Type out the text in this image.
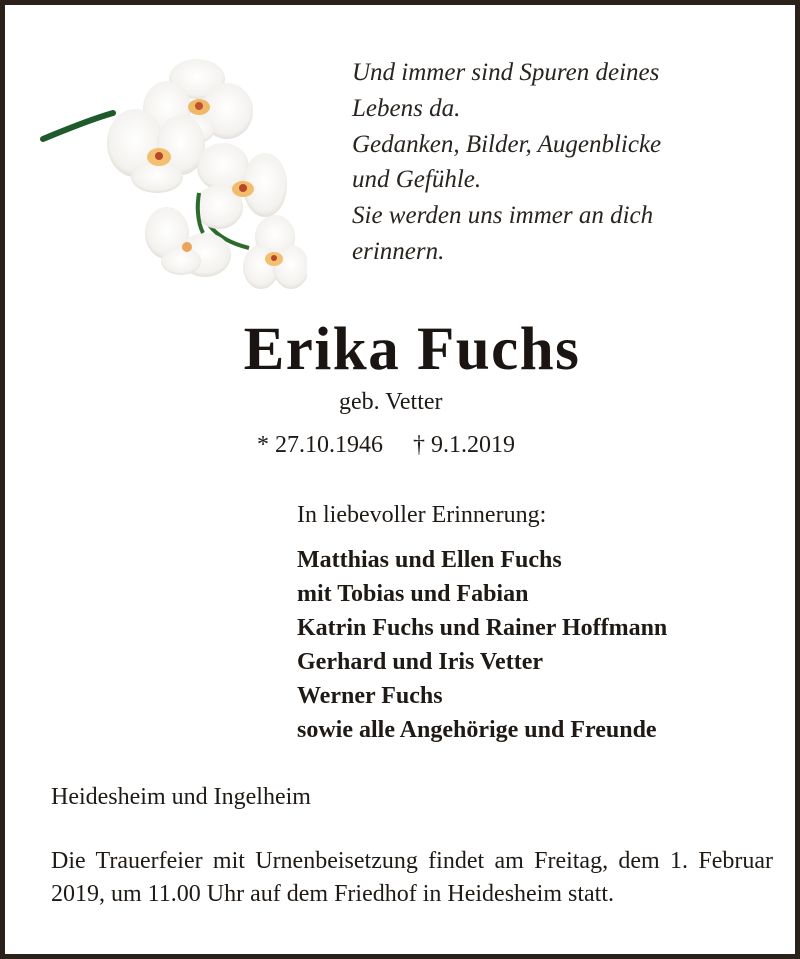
Und immer sind Spuren deines
Lebens da.
Gedanken, Bilder, Augenblicke
und Gefühle.
Sie werden uns immer an dich
erinnern.
Erika Fuchs
geb. Vetter
* 27.10.1946 † 9.1.2019
In liebevoller Erinnerung:
Matthias und Ellen Fuchs
mit Tobias und Fabian
Katrin Fuchs und Rainer Hoffmann
Gerhard und Iris Vetter
Werner Fuchs
sowie alle Angehörige und Freunde
Heidesheim und Ingelheim
Die Trauerfeier mit Urnenbeisetzung findet am Freitag, dem 1. Februar 2019, um 11.00 Uhr auf dem Friedhof in Heidesheim statt.
